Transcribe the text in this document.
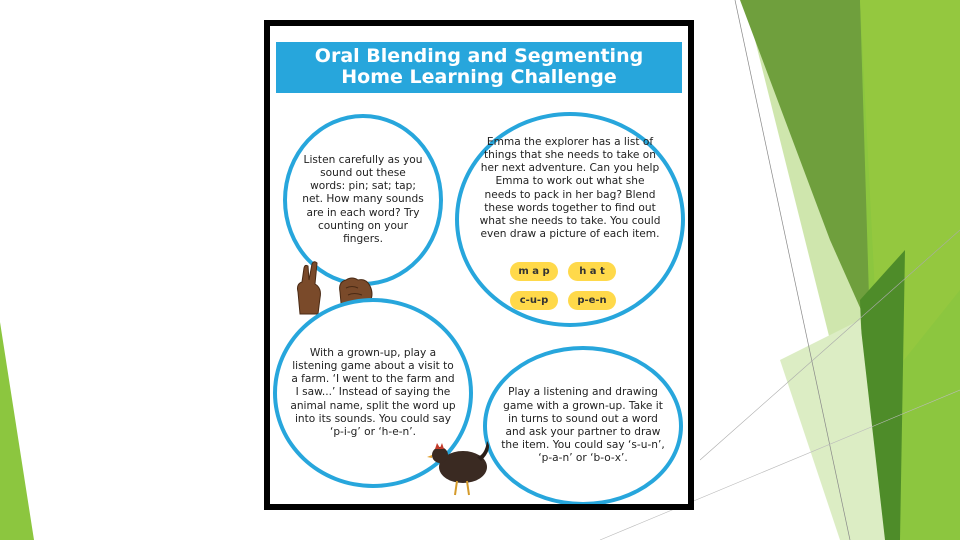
Oral Blending and Segmenting
Home Learning Challenge

Listen carefully as you sound out these words: pin; sat; tap; net. How many sounds are in each word? Try counting on your fingers.

Emma the explorer has a list of things that she needs to take on her next adventure. Can you help Emma to work out what she needs to pack in her bag? Blend these words together to find out what she needs to take. You could even draw a picture of each item.

m a p	h a t
c-u-p	p-e-n

With a grown-up, play a listening game about a visit to a farm. ‘I went to the farm and I saw...’ Instead of saying the animal name, split the word up into its sounds. You could say ‘p-i-g’ or ‘h-e-n’.

Play a listening and drawing game with a grown-up. Take it in turns to sound out a word and ask your partner to draw the item. You could say ‘s-u-n’, ‘p-a-n’ or ‘b-o-x’.
